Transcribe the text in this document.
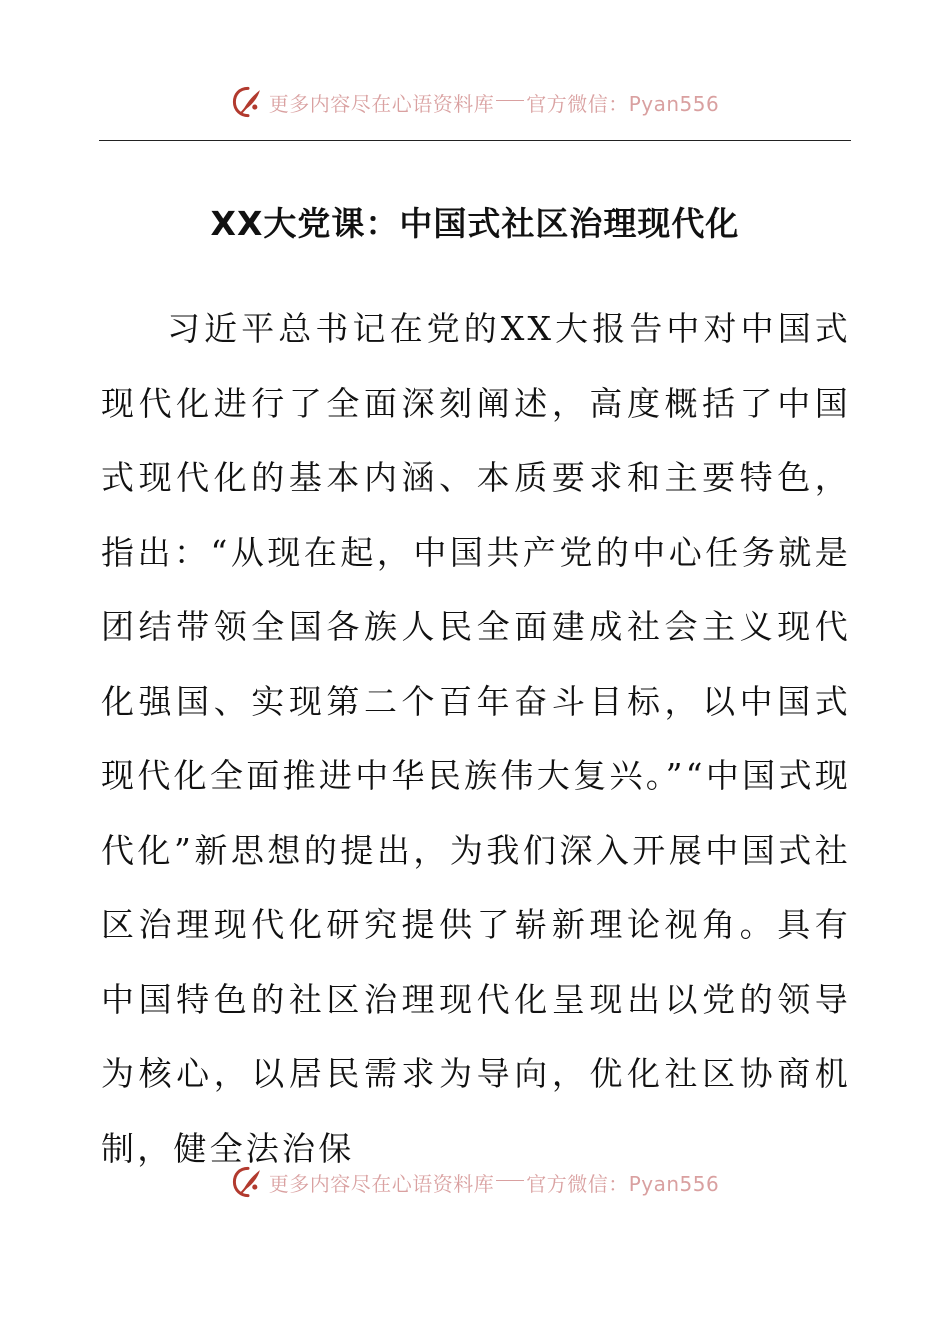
更多内容尽在心语资料库 官方微信：Pyan556
XX大党课：中国式社区治理现代化

习近平总书记在党的XX大报告中对中国式现代化进行了全面深刻阐述，高度概括了中国式现代化的基本内涵、本质要求和主要特色，指出：“从现在起，中国共产党的中心任务就是团结带领全国各族人民全面建成社会主义现代化强国、实现第二个百年奋斗目标，以中国式现代化全面推进中华民族伟大复兴。”“中国式现代化”新思想的提出，为我们深入开展中国式社区治理现代化研究提供了崭新理论视角。具有中国特色的社区治理现代化呈现出以党的领导为核心，以居民需求为导向，优化社区协商机制，健全法治保

更多内容尽在心语资料库 官方微信：Pyan556
